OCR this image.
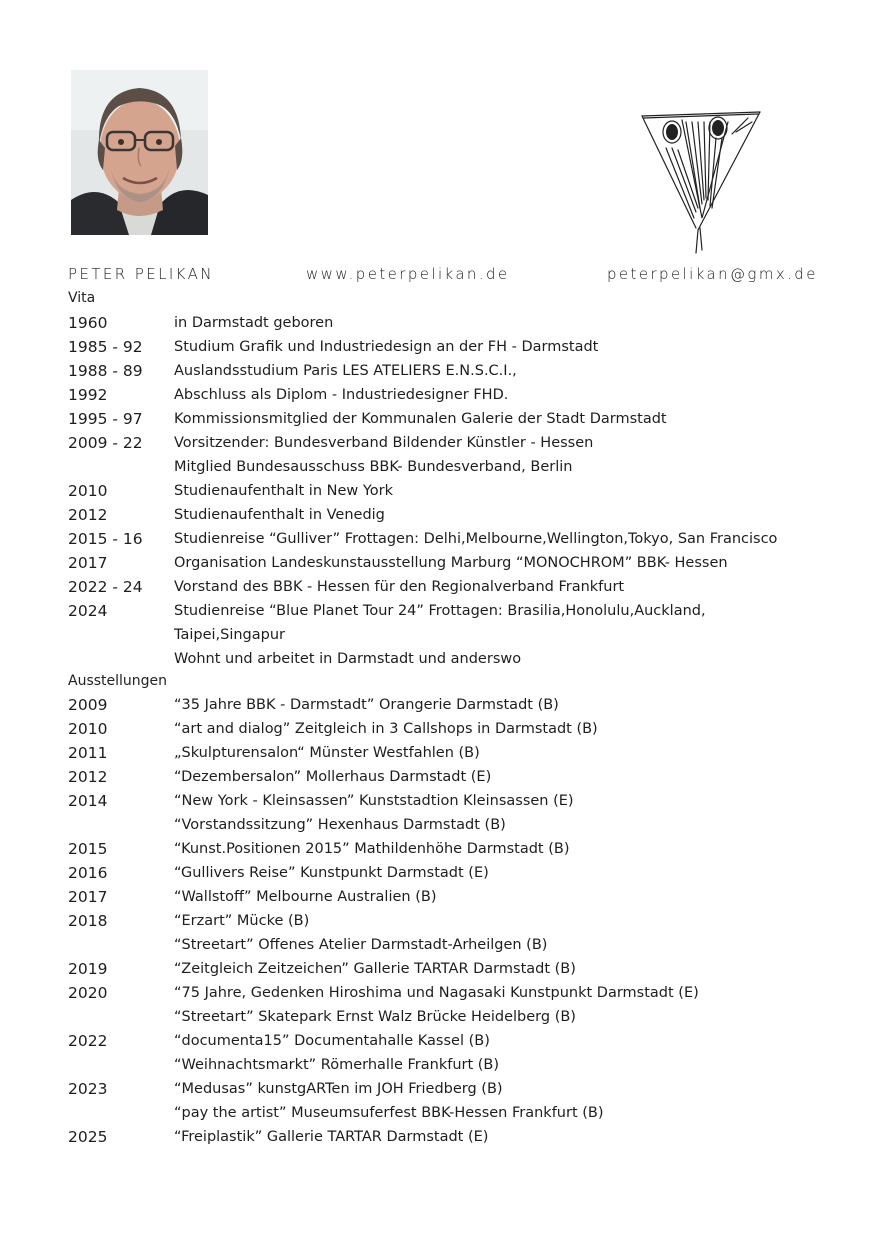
PETER PELIKAN	www.peterpelikan.de	peterpelikan@gmx.de
Vita
1960	in Darmstadt geboren
1985 - 92 Studium Grafik und Industriedesign an der FH - Darmstadt
1988 - 89 Auslandsstudium Paris LES ATELIERS E.N.S.C.I.,
1992	Abschluss als Diplom - Industriedesigner FHD.
1995 - 97 Kommissionsmitglied der Kommunalen Galerie der Stadt Darmstadt
2009 - 22 Vorsitzender: Bundesverband Bildender Künstler - Hessen
Mitglied Bundesausschuss BBK- Bundesverband, Berlin
2010	Studienaufenthalt in New York
2012	Studienaufenthalt in Venedig
2015 - 16 Studienreise “Gulliver” Frottagen: Delhi,Melbourne,Wellington,Tokyo, San Francisco
2017	Organisation Landeskunstausstellung Marburg “MONOCHROM” BBK- Hessen
2022 - 24 Vorstand des BBK - Hessen für den Regionalverband Frankfurt
2024	Studienreise “Blue Planet Tour 24” Frottagen: Brasilia,Honolulu,Auckland,
Taipei,Singapur
Wohnt und arbeitet in Darmstadt und anderswo
Ausstellungen
2009	“35 Jahre BBK - Darmstadt” Orangerie Darmstadt (B)
2010	“art and dialog” Zeitgleich in 3 Callshops in Darmstadt (B)
2011	„Skulpturensalon“ Münster Westfahlen (B)
2012	“Dezembersalon” Mollerhaus Darmstadt (E)
2014	“New York - Kleinsassen” Kunststadtion Kleinsassen (E)
“Vorstandssitzung” Hexenhaus Darmstadt (B)
2015	“Kunst.Positionen 2015” Mathildenhöhe Darmstadt (B)
2016	“Gullivers Reise” Kunstpunkt Darmstadt (E)
2017	“Wallstoff” Melbourne Australien (B)
2018	“Erzart” Mücke (B)
“Streetart” Offenes Atelier Darmstadt-Arheilgen (B)
2019	“Zeitgleich Zeitzeichen” Gallerie TARTAR Darmstadt (B)
2020	“75 Jahre, Gedenken Hiroshima und Nagasaki Kunstpunkt Darmstadt (E)
“Streetart” Skatepark Ernst Walz Brücke Heidelberg (B)
2022	“documenta15” Documentahalle Kassel (B)
“Weihnachtsmarkt” Römerhalle Frankfurt (B)
2023	“Medusas” kunstgARTen im JOH Friedberg (B)
“pay the artist” Museumsuferfest BBK-Hessen Frankfurt (B)
2025	“Freiplastik” Gallerie TARTAR Darmstadt (E)
